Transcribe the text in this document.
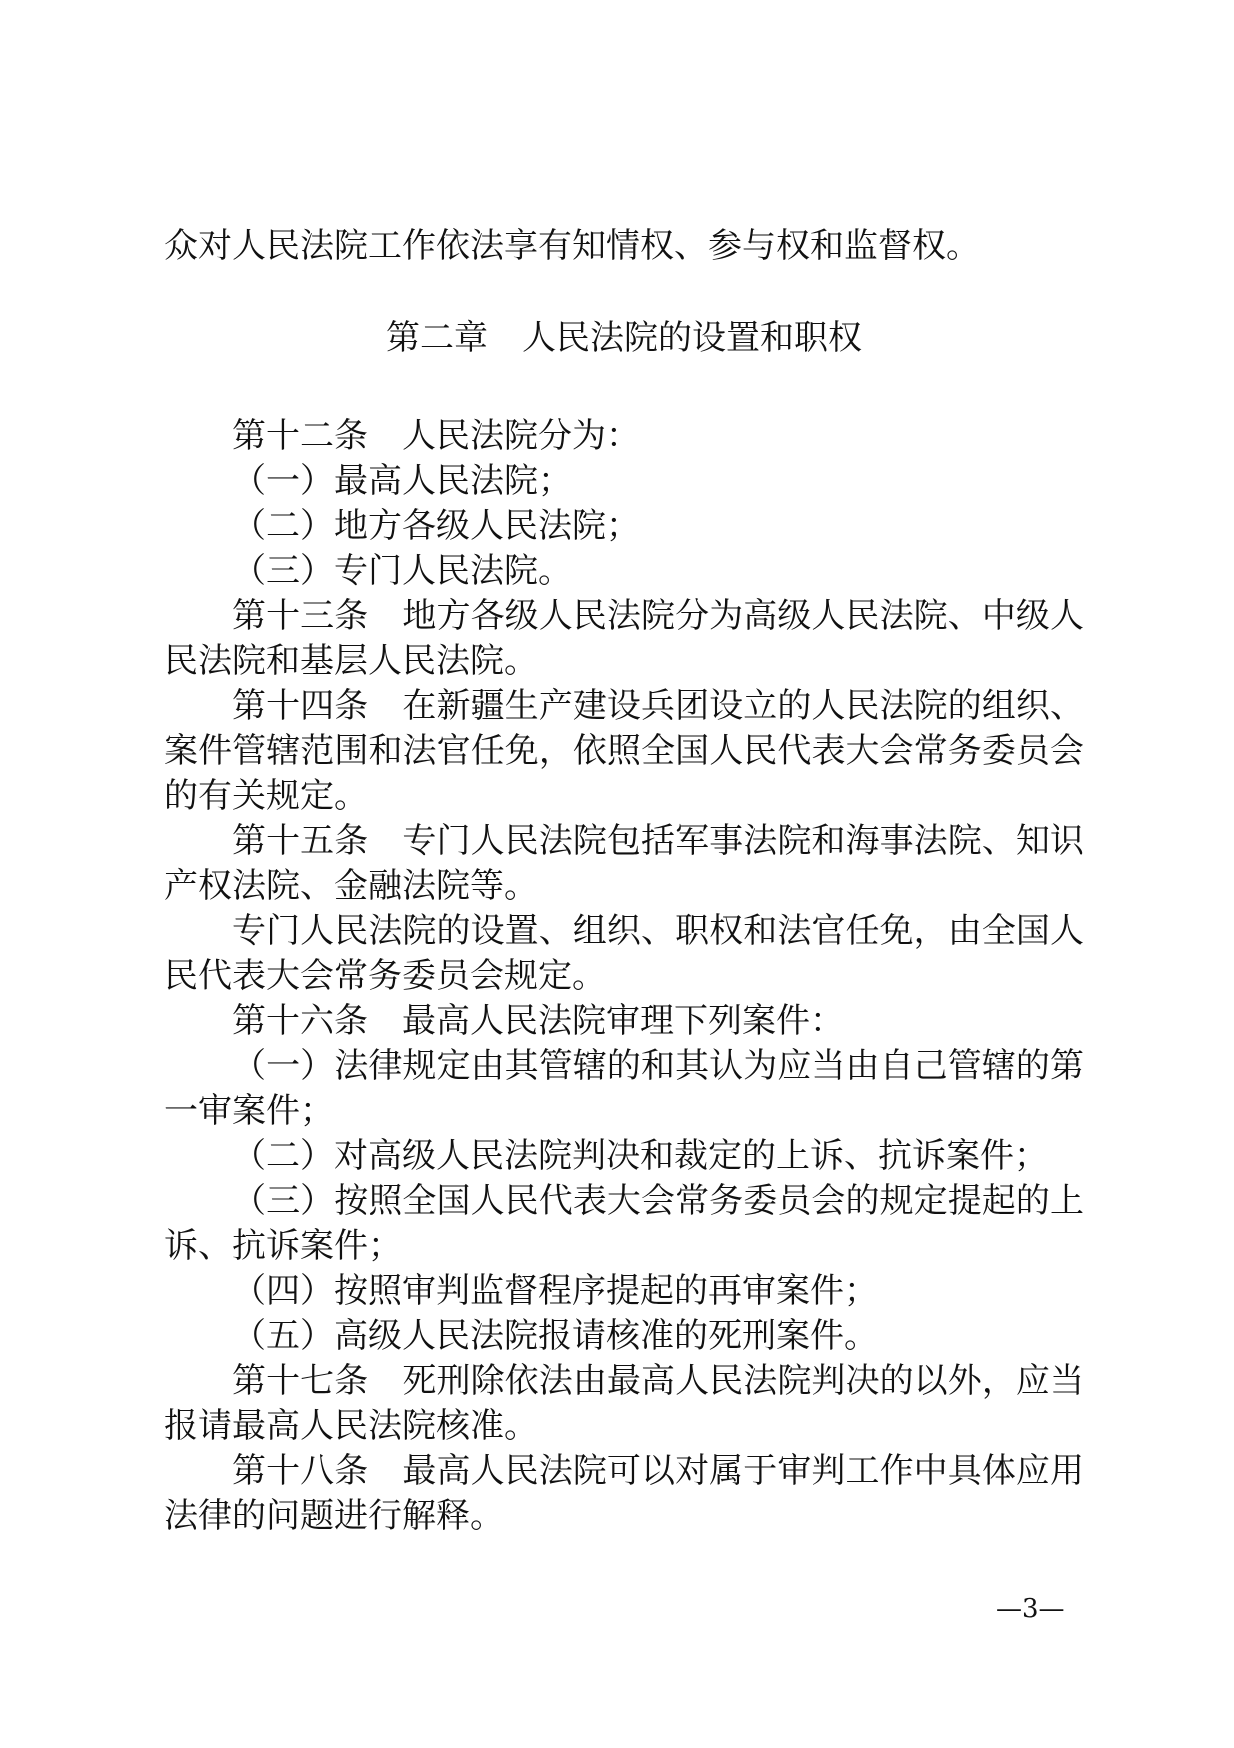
众对人民法院工作依法享有知情权、参与权和监督权。

第二章 人民法院的设置和职权

第十二条 人民法院分为：

（一）最高人民法院；

（二）地方各级人民法院；

（三）专门人民法院。

第十三条 地方各级人民法院分为高级人民法院、中级人民法院和基层人民法院。

第十四条 在新疆生产建设兵团设立的人民法院的组织、案件管辖范围和法官任免，依照全国人民代表大会常务委员会的有关规定。

第十五条 专门人民法院包括军事法院和海事法院、知识产权法院、金融法院等。

专门人民法院的设置、组织、职权和法官任免，由全国人民代表大会常务委员会规定。

第十六条 最高人民法院审理下列案件：

（一）法律规定由其管辖的和其认为应当由自己管辖的第一审案件；

（二）对高级人民法院判决和裁定的上诉、抗诉案件；

（三）按照全国人民代表大会常务委员会的规定提起的上诉、抗诉案件；

（四）按照审判监督程序提起的再审案件；

（五）高级人民法院报请核准的死刑案件。

第十七条 死刑除依法由最高人民法院判决的以外，应当报请最高人民法院核准。

第十八条 最高人民法院可以对属于审判工作中具体应用法律的问题进行解释。

—3—
